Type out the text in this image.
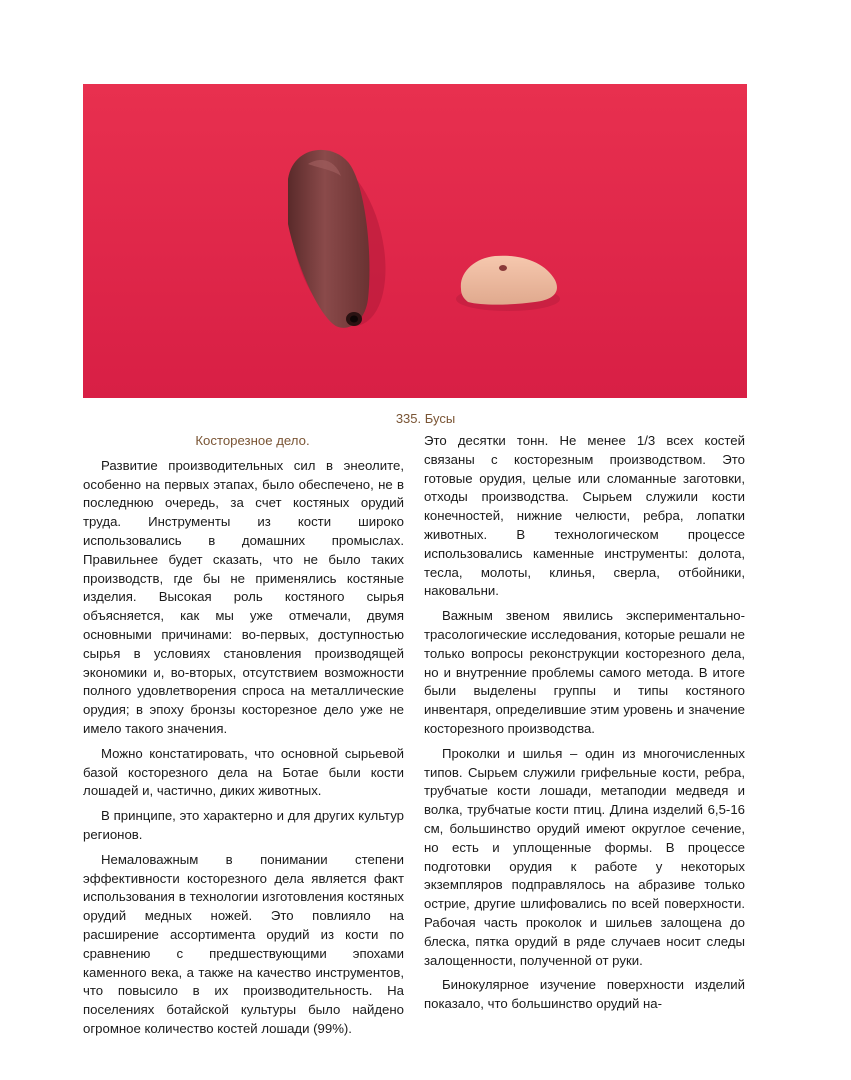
335. Бусы

Косторезное дело.

Развитие производительных сил в энеолите, особенно на первых этапах, было обеспечено, не в последнюю очередь, за счет костяных орудий труда. Инструменты из кости широко использовались в домашних промыслах. Правильнее будет сказать, что не было таких производств, где бы не применялись костяные изделия. Высокая роль костяного сырья объясняется, как мы уже отмечали, двумя основными причинами: во-первых, доступностью сырья в условиях становления производящей экономики и, во-вторых, отсутствием возможности полного удовлетворения спроса на металлические орудия; в эпоху бронзы косторезное дело уже не имело такого значения.

Можно констатировать, что основной сырьевой базой косторезного дела на Ботае были кости лошадей и, частично, диких животных.

В принципе, это характерно и для других культур регионов.

Немаловажным в понимании степени эффективности косторезного дела является факт использования в технологии изготовления костяных орудий медных ножей. Это повлияло на расширение ассортимента орудий из кости по сравнению с предшествующими эпохами каменного века, а также на качество инструментов, что повысило в их производительность. На поселениях ботайской культуры было найдено огромное количество костей лошади (99%).

Это десятки тонн. Не менее 1/3 всех костей связаны с косторезным производством. Это готовые орудия, целые или сломанные заготовки, отходы производства. Сырьем служили кости конечностей, нижние челюсти, ребра, лопатки животных. В технологическом процессе использовались каменные инструменты: долота, тесла, молоты, клинья, сверла, отбойники, наковальни.

Важным звеном явились экспериментально-трасологические исследования, которые решали не только вопросы реконструкции косторезного дела, но и внутренние проблемы самого метода. В итоге были выделены группы и типы костяного инвентаря, определившие этим уровень и значение косторезного производства.

Проколки и шилья – один из многочисленных типов. Сырьем служили грифельные кости, ребра, трубчатые кости лошади, метаподии медведя и волка, трубчатые кости птиц. Длина изделий 6,5-16 см, большинство орудий имеют округлое сечение, но есть и уплощенные формы. В процессе подготовки орудия к работе у некоторых экземпляров подправлялось на абразиве только острие, другие шлифовались по всей поверхности. Рабочая часть проколок и шильев залощена до блеска, пятка орудий в ряде случаев носит следы залощенности, полученной от руки.

Бинокулярное изучение поверхности изделий показало, что большинство орудий на-
